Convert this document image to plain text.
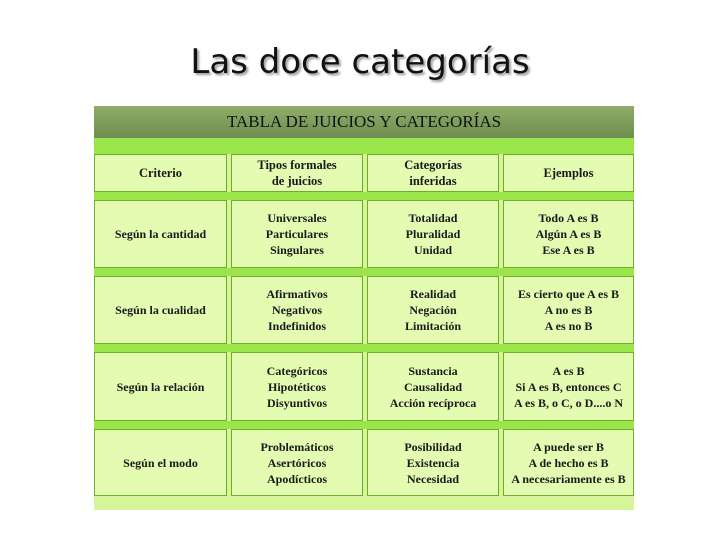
Las doce categorías
TABLA DE JUICIOS Y CATEGORÍAS
Criterio
Tipos formales
de juicios
Categorías
inferidas
Ejemplos
Según la cantidad
Universales
Particulares
Singulares
Totalidad
Pluralidad
Unidad
Todo A es B
Algún A es B
Ese A es B
Según la cualidad
Afirmativos
Negativos
Indefinidos
Realidad
Negación
Limitación
Es cierto que A es B
A no es B
A es no B
Según la relación
Categóricos
Hipotéticos
Disyuntivos
Sustancia
Causalidad
Acción recíproca
A es B
Si A es B, entonces C
A es B, o C, o D....o N
Según el modo
Problemáticos
Asertóricos
Apodícticos
Posibilidad
Existencia
Necesidad
A puede ser B
A de hecho es B
A necesariamente es B
